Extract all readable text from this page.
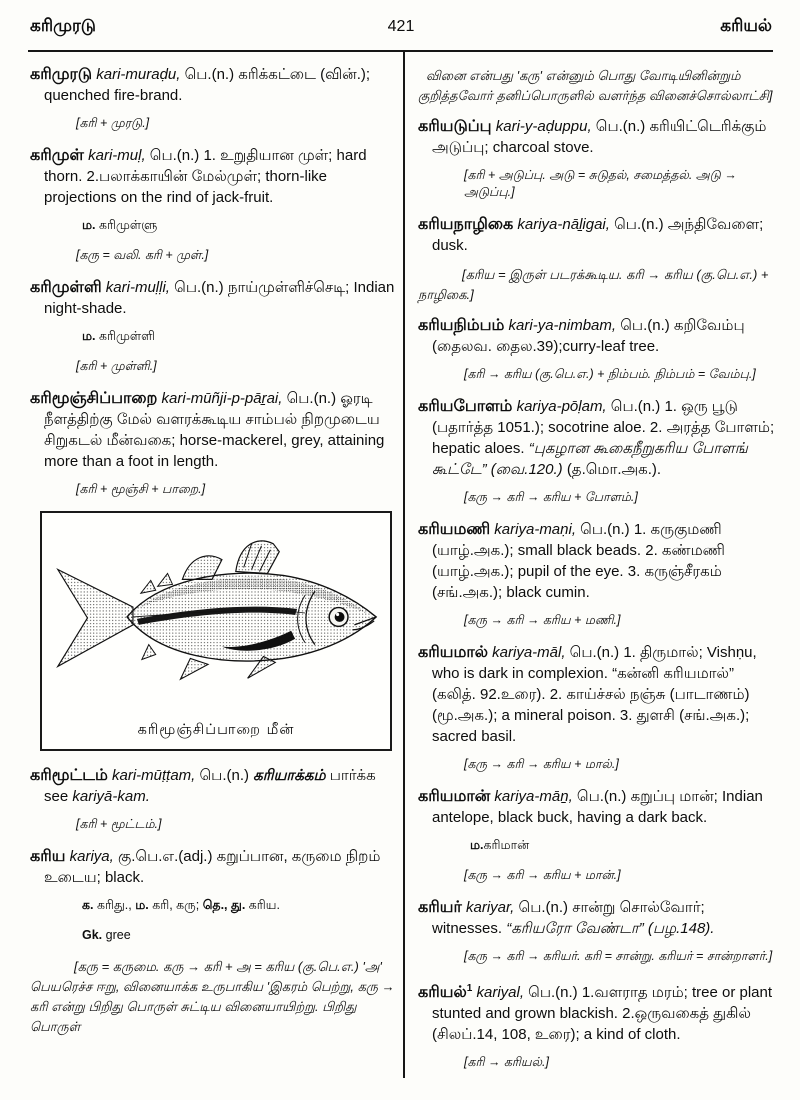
கரிமுரடு	421	கரியல்
கரிமுரடு kari-muraḍu, பெ.(n.) கரிக்கட்டை (வின்.); quenched fire-brand.
[கரி + முரடு.]
கரிமுள் kari-muḷ, பெ.(n.) 1. உறுதியான முள்; hard thorn. 2.பலாக்காயின் மேல்முள்; thorn-like projections on the rind of jack-fruit.
ம. கரிமுள்ளு
[கரு = வலி. கரி + முள்.]
கரிமுள்ளி kari-muḷḷi, பெ.(n.) நாய்முள்ளிச்செடி; Indian night-shade.
ம. கரிமுள்ளி
[கரி + முள்ளி.]
கரிமூஞ்சிப்பாறை kari-mūñji-p-pāṟai, பெ.(n.) ஓரடி நீளத்திற்கு மேல் வளரக்கூடிய சாம்பல் நிறமுடைய சிறுகடல் மீன்வகை; horse-mackerel, grey, attaining more than a foot in length.
[கரி + மூஞ்சி + பாறை.]
கரிமூஞ்சிப்பாறை மீன்
கரிமூட்டம் kari-mūṭṭam, பெ.(n.) கரியாக்கம் பார்க்க see kariyā-kam.
[கரி + மூட்டம்.]
கரிய kariya, கு.பெ.எ.(adj.) கறுப்பான, கருமை நிறம் உடைய; black.
க. கரிது., ம. கரி, கரு; தெ., து. கரிய.
Gk. gree
[கரு = கருமை. கரு → கரி + அ = கரிய (கு.பெ.எ.) 'அ' பெயரெச்ச ஈறு, வினையாக்க உருபாகிய 'இகரம் பெற்று, கரு → கரி என்று பிறிது பொருள் சுட்டிய வினையாயிற்று. பிறிது பொருள்
வினை என்பது 'கரு' என்னும் பொது வோடியினின்றும் குறித்தவோர் தனிப்பொருளில் வளர்ந்த வினைச்சொல்லாட்சி]
கரியடுப்பு kari-y-aḍuppu, பெ.(n.) கரியிட்டெரிக்கும் அடுப்பு; charcoal stove.
[கரி + அடுப்பு. அடு = சுடுதல், சமைத்தல். அடு → அடுப்பு.]
கரியநாழிகை kariya-nāḻigai, பெ.(n.) அந்திவேளை; dusk.
[கரிய = இருள் படரக்கூடிய. கரி → கரிய (கு.பெ.எ.) + நாழிகை.]
கரியநிம்பம் kari-ya-nimbam, பெ.(n.) கறிவேம்பு (தைலவ. தைல.39);curry-leaf tree.
[கரி → கரிய (கு.பெ.எ.) + நிம்பம். நிம்பம் = வேம்பு.]
கரியபோளம் kariya-pōḷam, பெ.(n.) 1. ஒரு பூடு (பதார்த்த 1051.); socotrine aloe. 2. அரத்த போளம்; hepatic aloes. “புகழான கூகைநீறுகரிய போளங் கூட்டே” (வை.120.) (த.மொ.அக.).
[கரு → கரி → கரிய + போளம்.]
கரியமணி kariya-maṇi, பெ.(n.) 1. கருகுமணி (யாழ்.அக.); small black beads. 2. கண்மணி (யாழ்.அக.); pupil of the eye. 3. கருஞ்சீரகம் (சங்.அக.); black cumin.
[கரு → கரி → கரிய + மணி.]
கரியமால் kariya-māl, பெ.(n.) 1. திருமால்; Vishṇu, who is dark in complexion. “கன்னி கரியமால்” (கலித். 92.உரை). 2. காய்ச்சல் நஞ்சு (பாடாணம்) (மூ.அக.); a mineral poison. 3. துளசி (சங்.அக.); sacred basil.
[கரு → கரி → கரிய + மால்.]
கரியமான் kariya-māṉ, பெ.(n.) கறுப்பு மான்; Indian antelope, black buck, having a dark back.
ம.கரிமான்
[கரு → கரி → கரிய + மான்.]
கரியர் kariyar, பெ.(n.) சான்று சொல்வோர்; witnesses. “கரியரோ வேண்டா” (பழ.148).
[கரு → கரி → கரியர். கரி = சான்று. கரியர் = சான்றாளர்.]
கரியல்$^1$ kariyal, பெ.(n.) 1.வளராத மரம்; tree or plant stunted and grown blackish. 2.ஒருவகைத் துகில் (சிலப்.14, 108, உரை); a kind of cloth.
[கரி → கரியல்.]
